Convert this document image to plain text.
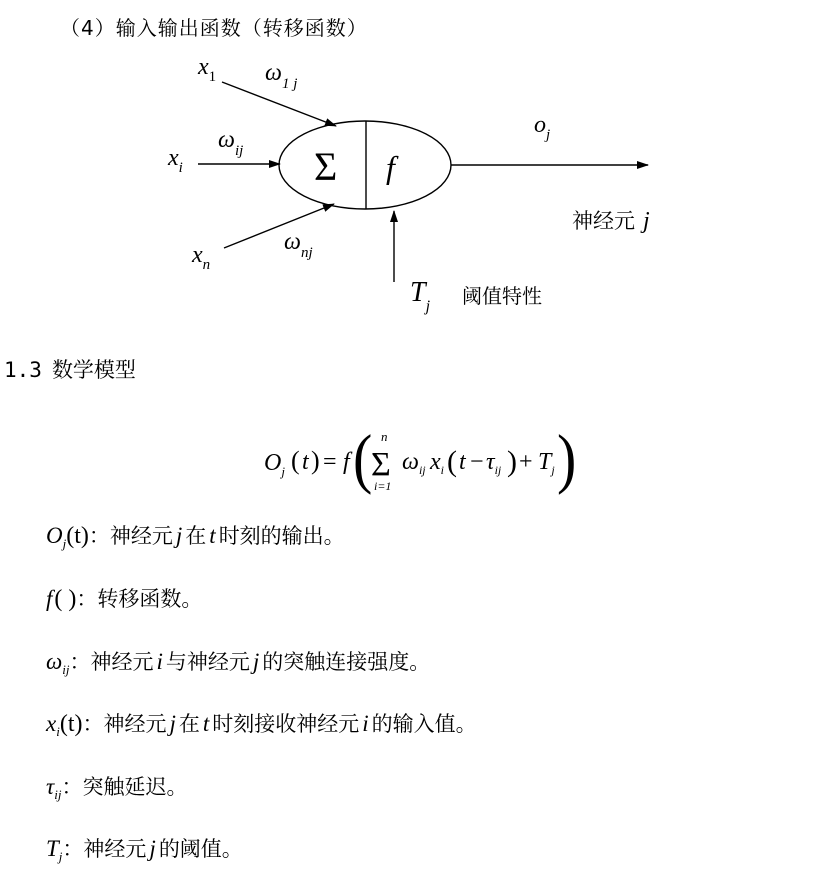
（4）输入输出函数（转移函数）
$x_1$ $\omega_{1 j}$
$x_i$
$\omega_{ij}$
$x_n$
$\omega_{nj}$
Σ f
$o_j$
神经元 j
$T_j$ 阈值特性
1.3 数学模型
$O_j$ ( t ) = f ( n
Σ
i=1
$\omega_{ij}$ $x_i$ ( $t - \tau_{ij}$ ) + $T_j$ )
$O_j(t)$：神经元 j 在 t 时刻的输出。
f( )：转移函数。
$\omega_{ij}$：神经元 i 与神经元 j 的突触连接强度。
$x_i(t)$：神经元 j 在 t 时刻接收神经元 i 的输入值。
$\tau_{ij}$：突触延迟。
$T_j$：神经元 j 的阈值。
